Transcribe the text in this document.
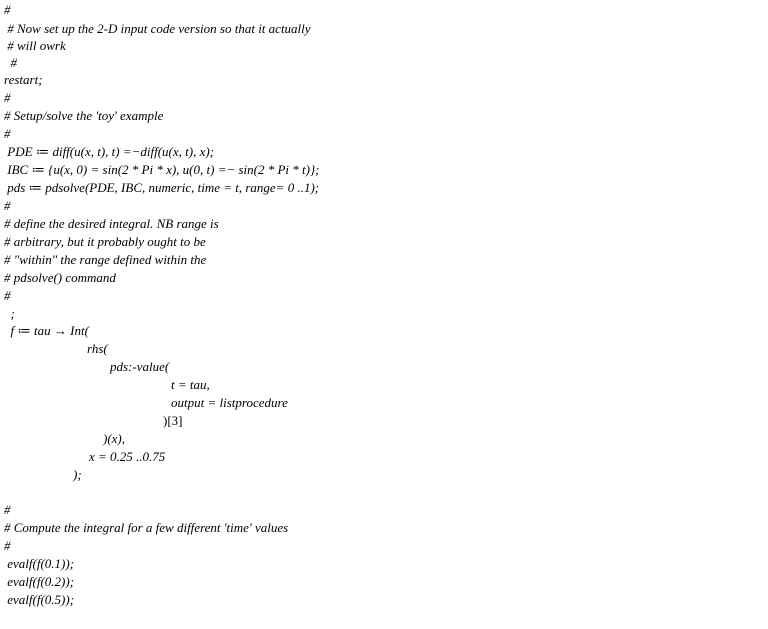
#
# Now set up the 2-D input code version so that it actually
# will owrk
#
restart;
#
# Setup/solve the 'toy' example
#
PDE ≔ diff(u(x, t), t) =−diff(u(x, t), x);
IBC ≔ {u(x, 0) = sin(2 * Pi * x), u(0, t) =− sin(2 * Pi * t)};
pds ≔ pdsolve(PDE, IBC, numeric, time = t, range= 0 ..1);
#
# define the desired integral. NB range is
# arbitrary, but it probably ought to be
# "within" the range defined within the
# pdsolve() command
#
;
f ≔ tau → Int(
rhs(
pds:-value(
t = tau,
output = listprocedure
)[3]
)(x),
x = 0.25 ..0.75
);
#
# Compute the integral for a few different 'time' values
#
evalf(f(0.1));
evalf(f(0.2));
evalf(f(0.5));
